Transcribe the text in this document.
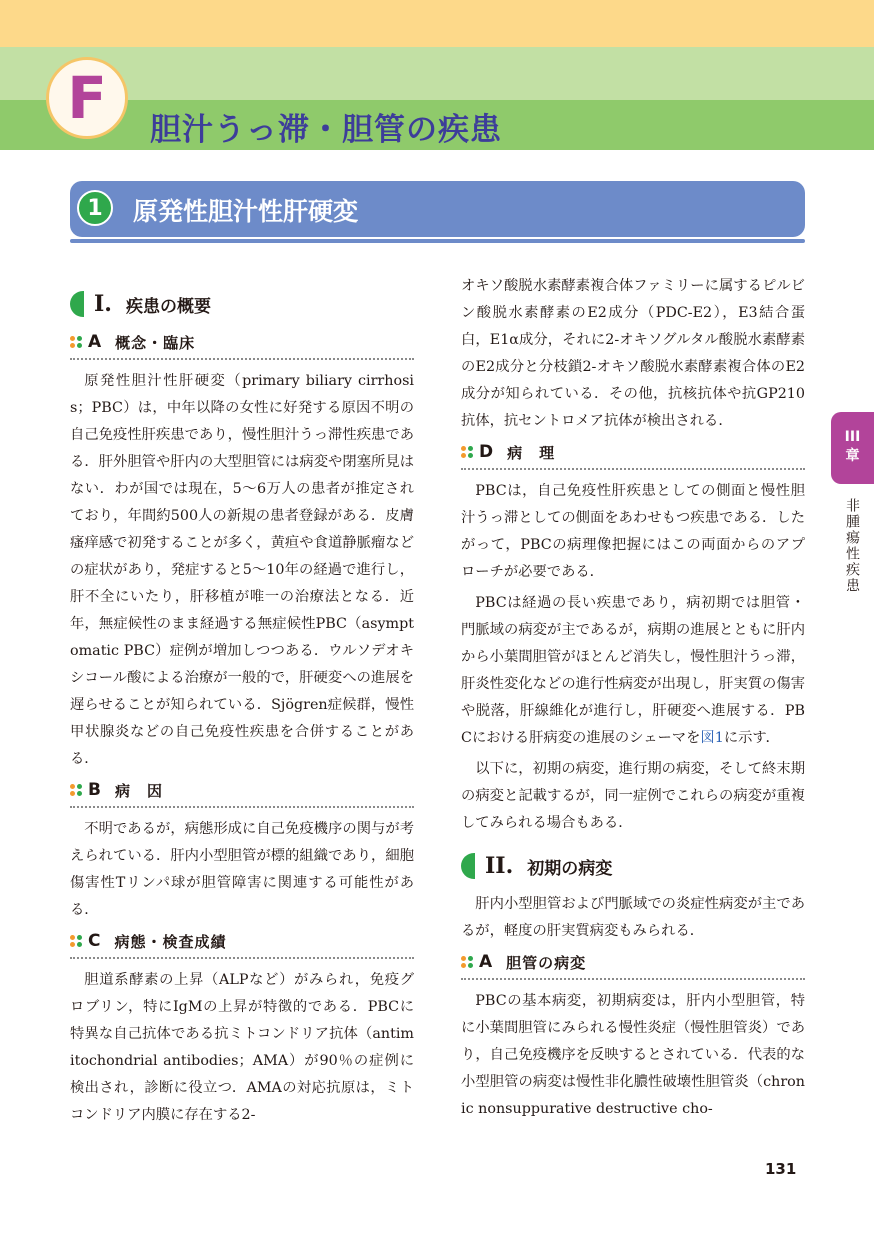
F	胆汁うっ滞・胆管の疾患
1	原発性胆汁性肝硬変
III
章
非腫瘍性疾患
I. 疾患の概要
A 概念・臨床

原発性胆汁性肝硬変（primary biliary cirrhosis；PBC）は，中年以降の女性に好発する原因不明の自己免疫性肝疾患であり，慢性胆汁うっ滞性疾患である．肝外胆管や肝内の大型胆管には病変や閉塞所見はない．わが国では現在，5〜6万人の患者が推定されており，年間約500人の新規の患者登録がある．皮膚瘙痒感で初発することが多く，黄疸や食道静脈瘤などの症状があり，発症すると5〜10年の経過で進行し，肝不全にいたり，肝移植が唯一の治療法となる．近年，無症候性のまま経過する無症候性PBC（asymptomatic PBC）症例が増加しつつある．ウルソデオキシコール酸による治療が一般的で，肝硬変への進展を遅らせることが知られている．Sjögren症候群，慢性甲状腺炎などの自己免疫性疾患を合併することがある．

B 病　因

不明であるが，病態形成に自己免疫機序の関与が考えられている．肝内小型胆管が標的組織であり，細胞傷害性Tリンパ球が胆管障害に関連する可能性がある．

C 病態・検査成績

胆道系酵素の上昇（ALPなど）がみられ，免疫グロブリン，特にIgMの上昇が特徴的である．PBCに特異な自己抗体である抗ミトコンドリア抗体（antimitochondrial antibodies；AMA）が90％の症例に検出され，診断に役立つ．AMAの対応抗原は，ミトコンドリア内膜に存在する2-

オキソ酸脱水素酵素複合体ファミリーに属するピルビン酸脱水素酵素のE2成分（PDC-E2），E3結合蛋白，E1α成分，それに2-オキソグルタル酸脱水素酵素のE2成分と分枝鎖2-オキソ酸脱水素酵素複合体のE2成分が知られている．その他，抗核抗体や抗GP210抗体，抗セントロメア抗体が検出される．

D 病　理

PBCは，自己免疫性肝疾患としての側面と慢性胆汁うっ滞としての側面をあわせもつ疾患である．したがって，PBCの病理像把握にはこの両面からのアプローチが必要である．

PBCは経過の長い疾患であり，病初期では胆管・門脈域の病変が主であるが，病期の進展とともに肝内から小葉間胆管がほとんど消失し，慢性胆汁うっ滞，肝炎性変化などの進行性病変が出現し，肝実質の傷害や脱落，肝線維化が進行し，肝硬変へ進展する．PBCにおける肝病変の進展のシェーマを図1に示す．

以下に，初期の病変，進行期の病変，そして終末期の病変と記載するが，同一症例でこれらの病変が重複してみられる場合もある．

II. 初期の病変

肝内小型胆管および門脈域での炎症性病変が主であるが，軽度の肝実質病変もみられる．

A 胆管の病変

PBCの基本病変，初期病変は，肝内小型胆管，特に小葉間胆管にみられる慢性炎症（慢性胆管炎）であり，自己免疫機序を反映するとされている．代表的な小型胆管の病変は慢性非化膿性破壊性胆管炎（chronic nonsuppurative destructive cho-

131
